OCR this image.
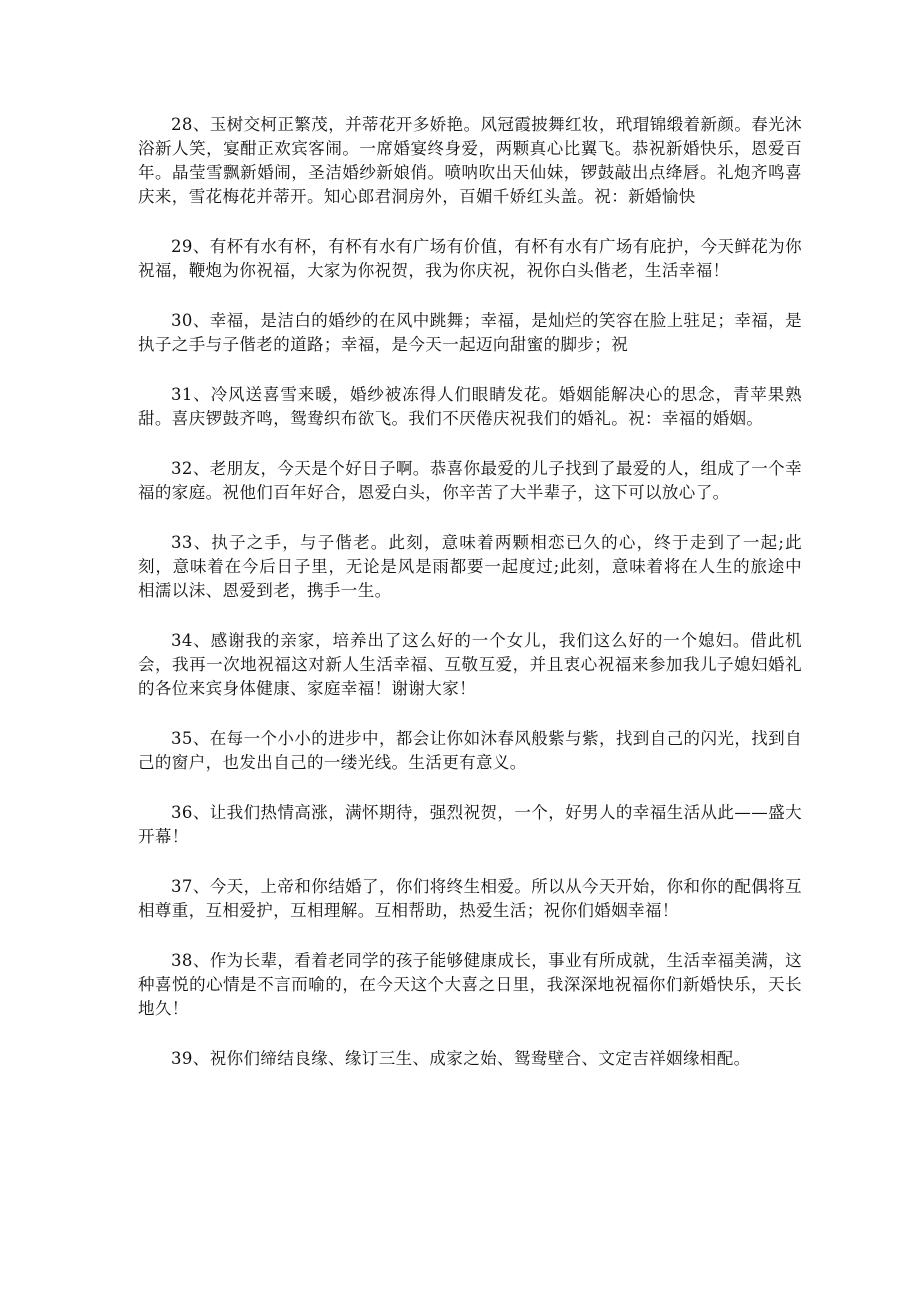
28、玉树交柯正繁茂，并蒂花开多娇艳。风冠霞披舞红妆，玳瑁锦缎着新颜。春光沐浴新人笑，宴酣正欢宾客闹。一席婚宴终身爱，两颗真心比翼飞。恭祝新婚快乐，恩爱百年。晶莹雪飘新婚闹，圣洁婚纱新娘俏。喷呐吹出天仙妹，锣鼓敲出点绛唇。礼炮齐鸣喜庆来，雪花梅花并蒂开。知心郎君洞房外，百媚千娇红头盖。祝：新婚愉快

29、有杯有水有杯，有杯有水有广场有价值，有杯有水有广场有庇护，今天鲜花为你祝福，鞭炮为你祝福，大家为你祝贺，我为你庆祝，祝你白头偕老，生活幸福！

30、幸福，是洁白的婚纱的在风中跳舞；幸福，是灿烂的笑容在脸上驻足；幸福，是执子之手与子偕老的道路；幸福，是今天一起迈向甜蜜的脚步；祝

31、冷风送喜雪来暖，婚纱被冻得人们眼睛发花。婚姻能解决心的思念，青苹果熟甜。喜庆锣鼓齐鸣，鸳鸯织布欲飞。我们不厌倦庆祝我们的婚礼。祝：幸福的婚姻。

32、老朋友，今天是个好日子啊。恭喜你最爱的儿子找到了最爱的人，组成了一个幸福的家庭。祝他们百年好合，恩爱白头，你辛苦了大半辈子，这下可以放心了。

33、执子之手，与子偕老。此刻，意味着两颗相恋已久的心，终于走到了一起;此刻，意味着在今后日子里，无论是风是雨都要一起度过;此刻，意味着将在人生的旅途中相濡以沫、恩爱到老，携手一生。

34、感谢我的亲家，培养出了这么好的一个女儿，我们这么好的一个媳妇。借此机会，我再一次地祝福这对新人生活幸福、互敬互爱，并且衷心祝福来参加我儿子媳妇婚礼的各位来宾身体健康、家庭幸福！谢谢大家！

35、在每一个小小的进步中，都会让你如沐春风般紫与紫，找到自己的闪光，找到自己的窗户，也发出自己的一缕光线。生活更有意义。

36、让我们热情高涨，满怀期待，强烈祝贺，一个，好男人的幸福生活从此——盛大开幕！

37、今天，上帝和你结婚了，你们将终生相爱。所以从今天开始，你和你的配偶将互相尊重，互相爱护，互相理解。互相帮助，热爱生活；祝你们婚姻幸福！

38、作为长辈，看着老同学的孩子能够健康成长，事业有所成就，生活幸福美满，这种喜悦的心情是不言而喻的，在今天这个大喜之日里，我深深地祝福你们新婚快乐，天长地久！

39、祝你们缔结良缘、缘订三生、成家之始、鸳鸯壁合、文定吉祥姻缘相配。
